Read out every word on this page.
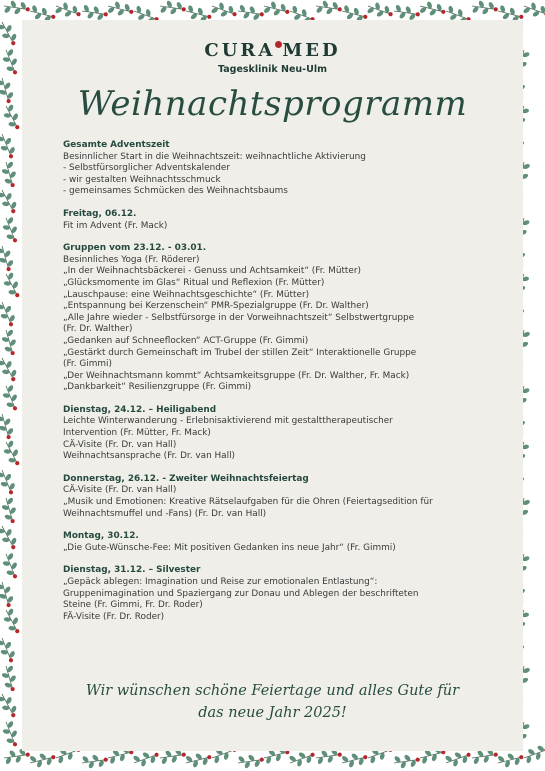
CURA MED
Tagesklinik Neu-Ulm
Weihnachtsprogramm
Gesamte Adventszeit
Besinnlicher Start in die Weihnachtszeit: weihnachtliche Aktivierung
- Selbstfürsorglicher Adventskalender
- wir gestalten Weihnachtsschmuck
- gemeinsames Schmücken des Weihnachtsbaums
Freitag, 06.12.
Fit im Advent (Fr. Mack)
Gruppen vom 23.12. - 03.01.
Besinnliches Yoga (Fr. Röderer)
„In der Weihnachtsbäckerei - Genuss und Achtsamkeit“ (Fr. Mütter)
„Glücksmomente im Glas“ Ritual und Reflexion (Fr. Mütter)
„Lauschpause: eine Weihnachtsgeschichte“ (Fr. Mütter)
„Entspannung bei Kerzenschein“ PMR-Spezialgruppe (Fr. Dr. Walther)
„Alle Jahre wieder - Selbstfürsorge in der Vorweihnachtszeit“ Selbstwertgruppe
(Fr. Dr. Walther)
„Gedanken auf Schneeflocken“ ACT-Gruppe (Fr. Gimmi)
„Gestärkt durch Gemeinschaft im Trubel der stillen Zeit“ Interaktionelle Gruppe
(Fr. Gimmi)
„Der Weihnachtsmann kommt“ Achtsamkeitsgruppe (Fr. Dr. Walther, Fr. Mack)
„Dankbarkeit“ Resilienzgruppe (Fr. Gimmi)
Dienstag, 24.12. – Heiligabend
Leichte Winterwanderung - Erlebnisaktivierend mit gestalttherapeutischer
Intervention (Fr. Mütter, Fr. Mack)
CÄ-Visite (Fr. Dr. van Hall)
Weihnachtsansprache (Fr. Dr. van Hall)
Donnerstag, 26.12. - Zweiter Weihnachtsfeiertag
CÄ-Visite (Fr. Dr. van Hall)
„Musik und Emotionen: Kreative Rätselaufgaben für die Ohren (Feiertagsedition für
Weihnachtsmuffel und -Fans) (Fr. Dr. van Hall)
Montag, 30.12.
„Die Gute-Wünsche-Fee: Mit positiven Gedanken ins neue Jahr“ (Fr. Gimmi)
Dienstag, 31.12. – Silvester
„Gepäck ablegen: Imagination und Reise zur emotionalen Entlastung“:
Gruppenimagination und Spaziergang zur Donau und Ablegen der beschrifteten
Steine (Fr. Gimmi, Fr. Dr. Roder)
FÄ-Visite (Fr. Dr. Roder)
Wir wünschen schöne Feiertage und alles Gute für
das neue Jahr 2025!
